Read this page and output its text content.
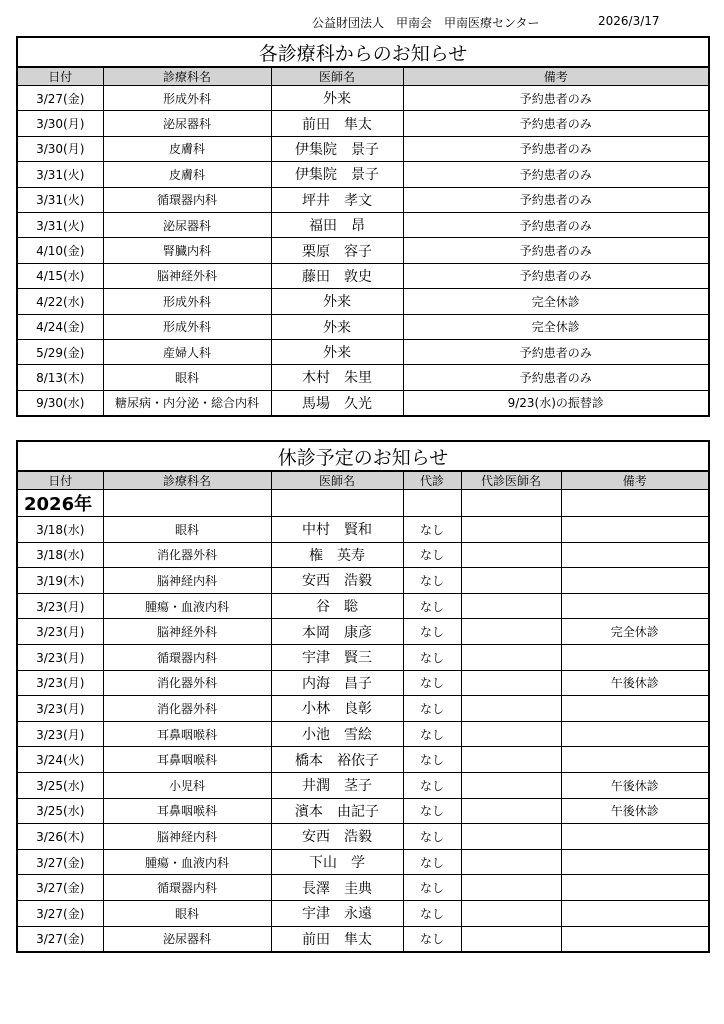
公益財団法人　甲南会　甲南医療センター	2026/3/17
各診療科からのお知らせ			
日付	診療科名	医師名	備考
3/27(金)	形成外科	外来	予約患者のみ
3/30(月)	泌尿器科	前田　隼太	予約患者のみ
3/30(月)	皮膚科	伊集院　景子	予約患者のみ
3/31(火)	皮膚科	伊集院　景子	予約患者のみ
3/31(火)	循環器内科	坪井　孝文	予約患者のみ
3/31(火)	泌尿器科	福田　昂	予約患者のみ
4/10(金)	腎臓内科	栗原　容子	予約患者のみ
4/15(水)	脳神経外科	藤田　敦史	予約患者のみ
4/22(水)	形成外科	外来	完全休診
4/24(金)	形成外科	外来	完全休診
5/29(金)	産婦人科	外来	予約患者のみ
8/13(木)	眼科	木村　朱里	予約患者のみ
9/30(水)	糖尿病・内分泌・総合内科	馬場　久光	9/23(水)の振替診
休診予定のお知らせ					
日付	診療科名	医師名	代診	代診医師名	備考
2026年					
3/18(水)	眼科	中村　賢和	なし		
3/18(水)	消化器外科	権　英寿	なし		
3/19(木)	脳神経内科	安西　浩毅	なし		
3/23(月)	腫瘍・血液内科	谷　聡	なし		
3/23(月)	脳神経外科	本岡　康彦	なし		完全休診
3/23(月)	循環器内科	宇津　賢三	なし		
3/23(月)	消化器外科	内海　昌子	なし		午後休診
3/23(月)	消化器外科	小林　良彰	なし		
3/23(月)	耳鼻咽喉科	小池　雪絵	なし		
3/24(火)	耳鼻咽喉科	橋本　裕依子	なし		
3/25(水)	小児科	井潤　茎子	なし		午後休診
3/25(水)	耳鼻咽喉科	濱本　由記子	なし		午後休診
3/26(木)	脳神経内科	安西　浩毅	なし		
3/27(金)	腫瘍・血液内科	下山　学	なし		
3/27(金)	循環器内科	長澤　圭典	なし		
3/27(金)	眼科	宇津　永遠	なし		
3/27(金)	泌尿器科	前田　隼太	なし		
